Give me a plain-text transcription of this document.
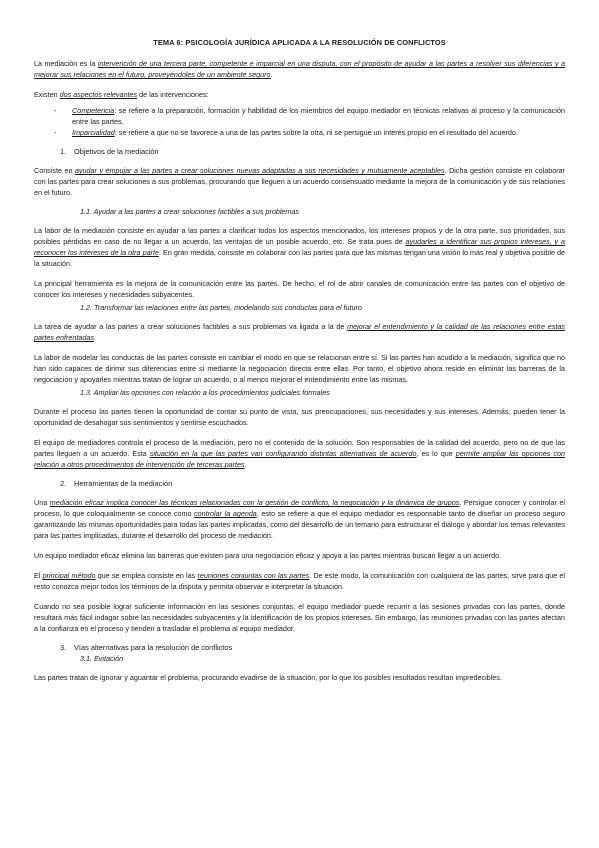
TEMA 6: PSICOLOGÍA JURÍDICA APLICADA A LA RESOLUCIÓN DE CONFLICTOS

La mediación es la intervención de una tercera parte, competente e imparcial en una disputa, con el propósito de ayudar a las partes a resolver sus diferencias y a mejorar sus relaciones en el futuro, proveyéndoles de un ambiente seguro.

Existen dos aspectos relevantes de las intervenciones:

- Competencia: se refiere a la preparación, formación y habilidad de los miembros del equipo mediador en técnicas relativas al proceso y la comunicación entre las partes.
- Imparcialidad: se refiere a que no se favorece a una de las partes sobre la otra, ni se persigue un interés propio en el resultado del acuerdo.
1.	Objetivos de la mediación

Consiste en ayudar y empujar a las partes a crear soluciones nuevas adaptadas a sus necesidades y mutuamente aceptables. Dicha gestión consiste en colaborar con las partes para crear soluciones a sus problemas, procurando que lleguen a un acuerdo consensuado mediante la mejora de la comunicación y de sus relaciones en el futuro.

1.1. Ayudar a las partes a crear soluciones factibles a sus problemas

La labor de la mediación consiste en ayudar a las partes a clarificar todos los aspectos mencionados, los intereses propios y de la otra parte, sus prioridades, sus posibles pérdidas en caso de no llegar a un acuerdo, las ventajas de un posible acuerdo, etc. Se trata pues de ayudarles a identificar sus propios intereses, y a reconocer los intereses de la otra parte. En gran medida, consiste en colaborar con las partes para que las mismas tengan una visión lo más real y objetiva posible de la situación.

La principal herramienta es la mejora de la comunicación entre las partes. De hecho, el rol de abrir canales de comunicación entre las partes con el objetivo de conocer los intereses y necesidades subyacentes.

1.2. Transformar las relaciones entre las partes, modelando sus conductas para el futuro

La tarea de ayudar a las partes a crear soluciones factibles a sus problemas va ligada a la de mejorar el entendimiento y la calidad de las relaciones entre estas partes enfrentadas.

La labor de modelar las conductas de las partes consiste en cambiar el modo en que se relacionan entre sí. Si las partes han acudido a la mediación, significa que no han sido capaces de dirimir sus diferencias entre sí mediante la negociación directa entre ellas. Por tanto, el objetivo ahora reside en eliminar las barreras de la negociación y apoyarles mientras tratan de lograr un acuerdo, o al menos mejorar el entendimiento entre las mismas.

1.3. Ampliar las opciones con relación a los procedimientos judiciales formales

Durante el proceso las partes tienen la oportunidad de contar su punto de vista, sus preocupaciones, sus necesidades y sus intereses. Además, pueden tener la oportunidad de desahogar sus sentimientos y sentirse escuchados.

El equipo de mediadores controla el proceso de la mediación, pero no el contenido de la solución. Son responsables de la calidad del acuerdo, pero no de que las partes lleguen a un acuerdo. Esta situación en la que las partes van configurando distintas alternativas de acuerdo, es lo que permite ampliar las opciones con relación a otros procedimientos de intervención de terceras partes.

2.	Herramientas de la mediación

Una mediación eficaz implica conocer las técnicas relacionadas con la gestión de conflicto, la negociación y la dinámica de grupos. Persigue conocer y controlar el proceso, lo que coloquialmente se conoce como controlar la agenda, esto se refiere a que el equipo mediador es responsable tanto de diseñar un proceso seguro garantizando las mismas oportunidades para todas las partes implicadas, como del desarrollo de un temario para estructurar el diálogo y abordar los temas relevantes para las partes implicadas, durante el desarrollo del proceso de mediación.

Un equipo mediador eficaz elimina las barreras que existen para una negociación eficaz y apoya a las partes mientras buscan llegar a un acuerdo.

El principal método que se emplea consiste en las reuniones conjuntas con las partes. De este modo, la comunicación con cualquiera de las partes, sirve para que el resto conozca mejor todos los términos de la disputa y permita observar e interpretar la situación.

Cuando no sea posible lograr suficiente información en las sesiones conjuntas, el equipo mediador puede recurrir a las sesiones privadas con las partes, donde resultará más fácil indagar sobre las necesidades subyacentes y la identificación de los propios intereses. Sin embargo, las reuniones privadas con las partes afectan a la confianza en el proceso y tienden a trasladar el problema al equipo mediador.

3.	Vías alternativas para la resolución de conflictos
3.1. Evitación

Las partes tratan de ignorar y aguantar el problema, procurando evadirse de la situación, por lo que los posibles resultados resultan impredecibles.
